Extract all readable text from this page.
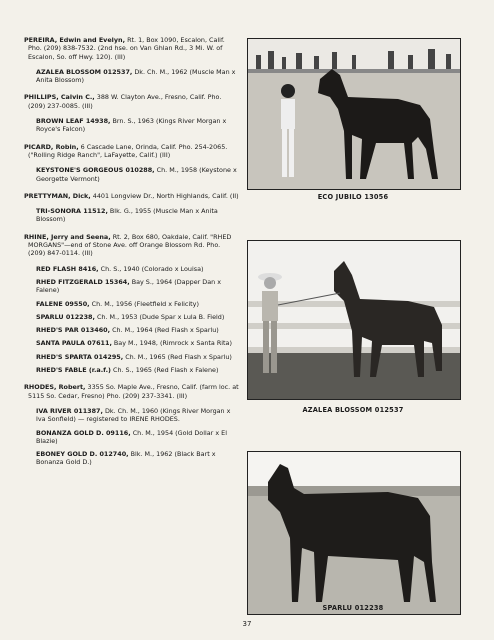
PEREIRA, Edwin and Evelyn, Rt. 1, Box 1090, Escalon, Calif. Pho. (209) 838-7532. (2nd hse. on Van Ghlan Rd., 3 Mi. W. of Escalon, So. off Hwy. 120). (III)
AZALEA BLOSSOM 012537, Dk. Ch. M., 1962 (Muscle Man x Anita Blossom)
PHILLIPS, Calvin C., 388 W. Clayton Ave., Fresno, Calif. Pho. (209) 237-0085. (III)
BROWN LEAF 14938, Brn. S., 1963 (Kings River Morgan x Royce's Falcon)
PICARD, Robin, 6 Cascade Lane, Orinda, Calif. Pho. 254-2065. ("Rolling Ridge Ranch", LaFayette, Calif.) (III)
KEYSTONE'S GORGEOUS 010288, Ch. M., 1958 (Keystone x Georgette Vermont)
PRETTYMAN, Dick, 4401 Longview Dr., North Highlands, Calif. (II)
TRI-SONORA 11512, Blk. G., 1955 (Muscle Man x Anita Blossom)
RHINE, Jerry and Seena, Rt. 2, Box 680, Oakdale, Calif. "RHED MORGANS"—end of Stone Ave. off Orange Blossom Rd. Pho. (209) 847-0114. (III)
RED FLASH 8416, Ch. S., 1940 (Colorado x Louisa)
RHED FITZGERALD 15364, Bay S., 1964 (Dapper Dan x Falene)
FALENE 09550, Ch. M., 1956 (Fleetfield x Felicity)
SPARLU 012238, Ch. M., 1953 (Dude Spar x Lula B. Field)
RHED'S PAR 013460, Ch. M., 1964 (Red Flash x Sparlu)
SANTA PAULA 07611, Bay M., 1948, (Rimrock x Santa Rita)
RHED'S SPARTA 014295, Ch. M., 1965 (Red Flash x Sparlu)
RHED'S FABLE (r.a.f.) Ch. S., 1965 (Red Flash x Falene)
RHODES, Robert, 3355 So. Maple Ave., Fresno, Calif. (farm loc. at 5115 So. Cedar, Fresno) Pho. (209) 237-3341. (III)
IVA RIVER 011387, Dk. Ch. M., 1960 (Kings River Morgan x Iva Sonfield) — registered to IRENE RHODES.
BONANZA GOLD D. 09116, Ch. M., 1954 (Gold Dollar x El Blazie)
EBONEY GOLD D. 012740, Blk. M., 1962 (Black Bart x Bonanza Gold D.)
ECO JUBILO 13056
AZALEA BLOSSOM 012537
SPARLU 012238
37
